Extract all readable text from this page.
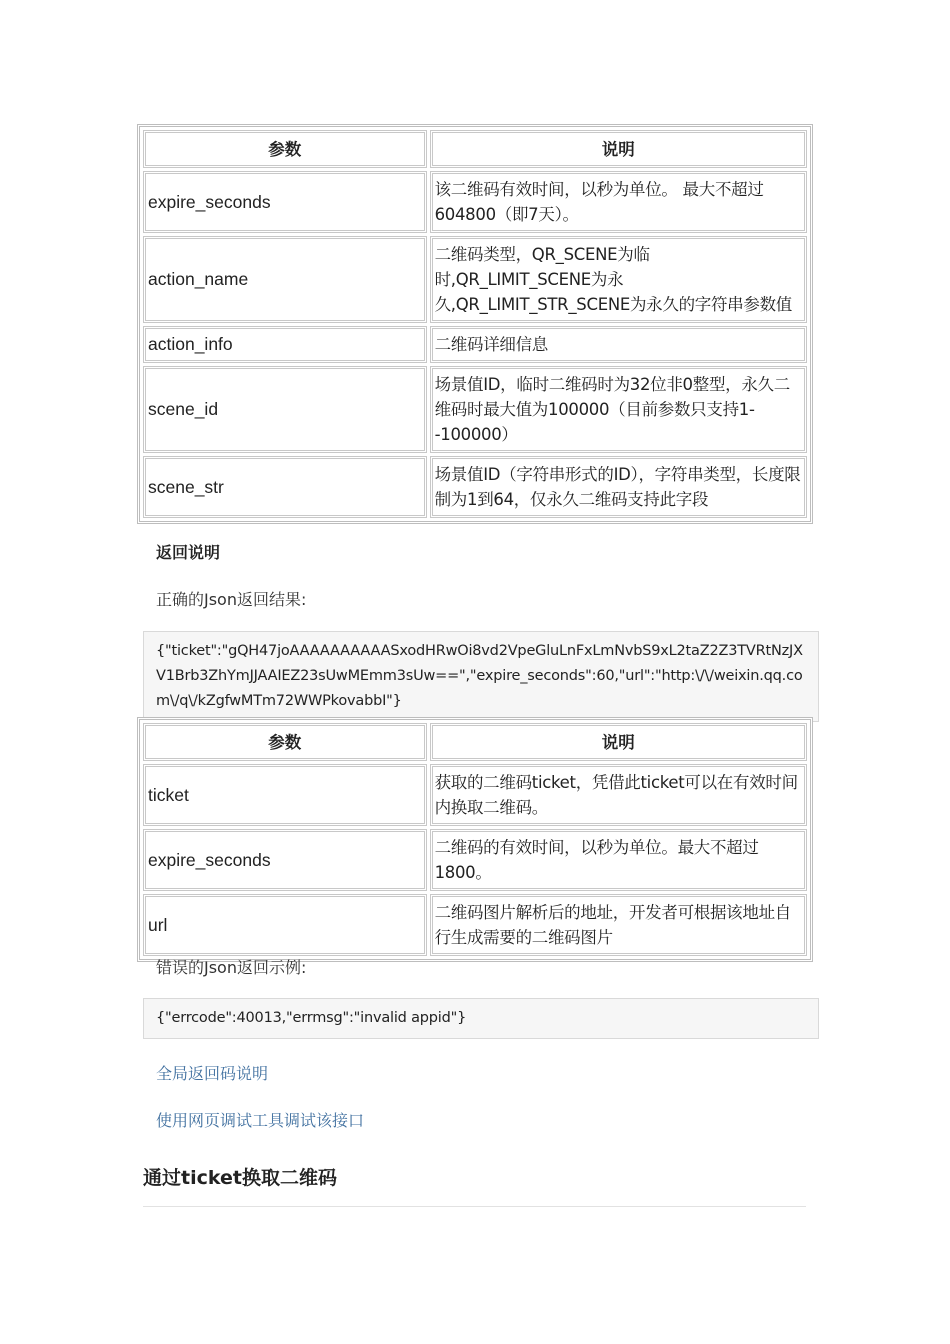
参数	说明
expire_seconds	该二维码有效时间，以秒为单位。 最大不超过604800（即7天）。
action_name	二维码类型，QR_SCENE为临时,QR_LIMIT_SCENE为永久,QR_LIMIT_STR_SCENE为永久的字符串参数值
action_info	二维码详细信息
scene_id	场景值ID，临时二维码时为32位非0整型，永久二维码时最大值为100000（目前参数只支持1--100000）
scene_str	场景值ID（字符串形式的ID），字符串类型，长度限制为1到64，仅永久二维码支持此字段
返回说明
正确的Json返回结果:
{"ticket":"gQH47joAAAAAAAAAASxodHRwOi8vd2VpeGluLnFxLmNvbS9xL2taZ2Z3TVRtNzJXV1Brb3ZhYmJJAAIEZ23sUwMEmm3sUw==","expire_seconds":60,"url":"http:\/\/weixin.qq.com\/q\/kZgfwMTm72WWPkovabbI"}
参数	说明
ticket	获取的二维码ticket，凭借此ticket可以在有效时间内换取二维码。
expire_seconds	二维码的有效时间，以秒为单位。最大不超过1800。
url	二维码图片解析后的地址，开发者可根据该地址自行生成需要的二维码图片
错误的Json返回示例:
{"errcode":40013,"errmsg":"invalid appid"}
全局返回码说明
使用网页调试工具调试该接口
通过ticket换取二维码
